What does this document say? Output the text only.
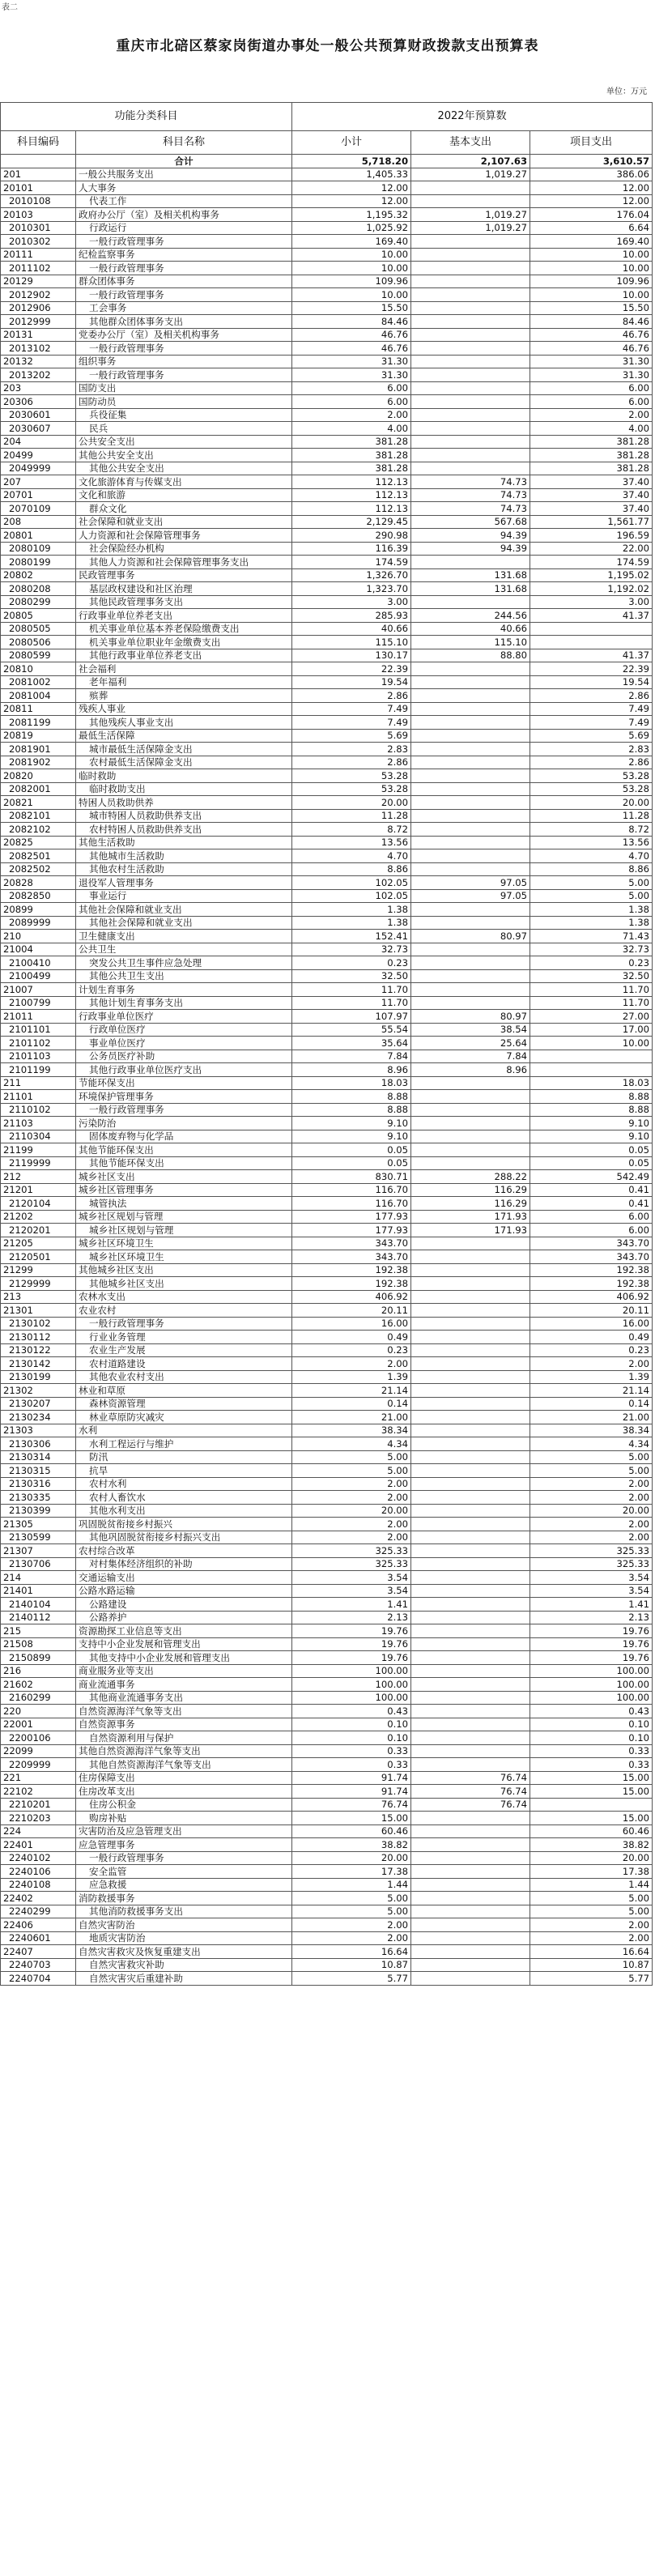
表二
重庆市北碚区蔡家岗街道办事处一般公共预算财政拨款支出预算表
单位：万元
功能分类科目		2022年预算数		
科目编码	科目名称	小计	基本支出	项目支出
	合计	5,718.20	2,107.63	3,610.57
201	一般公共服务支出	1,405.33	1,019.27	386.06
20101	人大事务	12.00		12.00
2010108	代表工作	12.00		12.00
20103	政府办公厅（室）及相关机构事务	1,195.32	1,019.27	176.04
2010301	行政运行	1,025.92	1,019.27	6.64
2010302	一般行政管理事务	169.40		169.40
20111	纪检监察事务	10.00		10.00
2011102	一般行政管理事务	10.00		10.00
20129	群众团体事务	109.96		109.96
2012902	一般行政管理事务	10.00		10.00
2012906	工会事务	15.50		15.50
2012999	其他群众团体事务支出	84.46		84.46
20131	党委办公厅（室）及相关机构事务	46.76		46.76
2013102	一般行政管理事务	46.76		46.76
20132	组织事务	31.30		31.30
2013202	一般行政管理事务	31.30		31.30
203	国防支出	6.00		6.00
20306	国防动员	6.00		6.00
2030601	兵役征集	2.00		2.00
2030607	民兵	4.00		4.00
204	公共安全支出	381.28		381.28
20499	其他公共安全支出	381.28		381.28
2049999	其他公共安全支出	381.28		381.28
207	文化旅游体育与传媒支出	112.13	74.73	37.40
20701	文化和旅游	112.13	74.73	37.40
2070109	群众文化	112.13	74.73	37.40
208	社会保障和就业支出	2,129.45	567.68	1,561.77
20801	人力资源和社会保障管理事务	290.98	94.39	196.59
2080109	社会保险经办机构	116.39	94.39	22.00
2080199	其他人力资源和社会保障管理事务支出	174.59		174.59
20802	民政管理事务	1,326.70	131.68	1,195.02
2080208	基层政权建设和社区治理	1,323.70	131.68	1,192.02
2080299	其他民政管理事务支出	3.00		3.00
20805	行政事业单位养老支出	285.93	244.56	41.37
2080505	机关事业单位基本养老保险缴费支出	40.66	40.66	
2080506	机关事业单位职业年金缴费支出	115.10	115.10	
2080599	其他行政事业单位养老支出	130.17	88.80	41.37
20810	社会福利	22.39		22.39
2081002	老年福利	19.54		19.54
2081004	殡葬	2.86		2.86
20811	残疾人事业	7.49		7.49
2081199	其他残疾人事业支出	7.49		7.49
20819	最低生活保障	5.69		5.69
2081901	城市最低生活保障金支出	2.83		2.83
2081902	农村最低生活保障金支出	2.86		2.86
20820	临时救助	53.28		53.28
2082001	临时救助支出	53.28		53.28
20821	特困人员救助供养	20.00		20.00
2082101	城市特困人员救助供养支出	11.28		11.28
2082102	农村特困人员救助供养支出	8.72		8.72
20825	其他生活救助	13.56		13.56
2082501	其他城市生活救助	4.70		4.70
2082502	其他农村生活救助	8.86		8.86
20828	退役军人管理事务	102.05	97.05	5.00
2082850	事业运行	102.05	97.05	5.00
20899	其他社会保障和就业支出	1.38		1.38
2089999	其他社会保障和就业支出	1.38		1.38
210	卫生健康支出	152.41	80.97	71.43
21004	公共卫生	32.73		32.73
2100410	突发公共卫生事件应急处理	0.23		0.23
2100499	其他公共卫生支出	32.50		32.50
21007	计划生育事务	11.70		11.70
2100799	其他计划生育事务支出	11.70		11.70
21011	行政事业单位医疗	107.97	80.97	27.00
2101101	行政单位医疗	55.54	38.54	17.00
2101102	事业单位医疗	35.64	25.64	10.00
2101103	公务员医疗补助	7.84	7.84	
2101199	其他行政事业单位医疗支出	8.96	8.96	
211	节能环保支出	18.03		18.03
21101	环境保护管理事务	8.88		8.88
2110102	一般行政管理事务	8.88		8.88
21103	污染防治	9.10		9.10
2110304	固体废弃物与化学品	9.10		9.10
21199	其他节能环保支出	0.05		0.05
2119999	其他节能环保支出	0.05		0.05
212	城乡社区支出	830.71	288.22	542.49
21201	城乡社区管理事务	116.70	116.29	0.41
2120104	城管执法	116.70	116.29	0.41
21202	城乡社区规划与管理	177.93	171.93	6.00
2120201	城乡社区规划与管理	177.93	171.93	6.00
21205	城乡社区环境卫生	343.70		343.70
2120501	城乡社区环境卫生	343.70		343.70
21299	其他城乡社区支出	192.38		192.38
2129999	其他城乡社区支出	192.38		192.38
213	农林水支出	406.92		406.92
21301	农业农村	20.11		20.11
2130102	一般行政管理事务	16.00		16.00
2130112	行业业务管理	0.49		0.49
2130122	农业生产发展	0.23		0.23
2130142	农村道路建设	2.00		2.00
2130199	其他农业农村支出	1.39		1.39
21302	林业和草原	21.14		21.14
2130207	森林资源管理	0.14		0.14
2130234	林业草原防灾减灾	21.00		21.00
21303	水利	38.34		38.34
2130306	水利工程运行与维护	4.34		4.34
2130314	防汛	5.00		5.00
2130315	抗旱	5.00		5.00
2130316	农村水利	2.00		2.00
2130335	农村人畜饮水	2.00		2.00
2130399	其他水利支出	20.00		20.00
21305	巩固脱贫衔接乡村振兴	2.00		2.00
2130599	其他巩固脱贫衔接乡村振兴支出	2.00		2.00
21307	农村综合改革	325.33		325.33
2130706	对村集体经济组织的补助	325.33		325.33
214	交通运输支出	3.54		3.54
21401	公路水路运输	3.54		3.54
2140104	公路建设	1.41		1.41
2140112	公路养护	2.13		2.13
215	资源勘探工业信息等支出	19.76		19.76
21508	支持中小企业发展和管理支出	19.76		19.76
2150899	其他支持中小企业发展和管理支出	19.76		19.76
216	商业服务业等支出	100.00		100.00
21602	商业流通事务	100.00		100.00
2160299	其他商业流通事务支出	100.00		100.00
220	自然资源海洋气象等支出	0.43		0.43
22001	自然资源事务	0.10		0.10
2200106	自然资源利用与保护	0.10		0.10
22099	其他自然资源海洋气象等支出	0.33		0.33
2209999	其他自然资源海洋气象等支出	0.33		0.33
221	住房保障支出	91.74	76.74	15.00
22102	住房改革支出	91.74	76.74	15.00
2210201	住房公积金	76.74	76.74	
2210203	购房补贴	15.00		15.00
224	灾害防治及应急管理支出	60.46		60.46
22401	应急管理事务	38.82		38.82
2240102	一般行政管理事务	20.00		20.00
2240106	安全监管	17.38		17.38
2240108	应急救援	1.44		1.44
22402	消防救援事务	5.00		5.00
2240299	其他消防救援事务支出	5.00		5.00
22406	自然灾害防治	2.00		2.00
2240601	地质灾害防治	2.00		2.00
22407	自然灾害救灾及恢复重建支出	16.64		16.64
2240703	自然灾害救灾补助	10.87		10.87
2240704	自然灾害灾后重建补助	5.77		5.77
